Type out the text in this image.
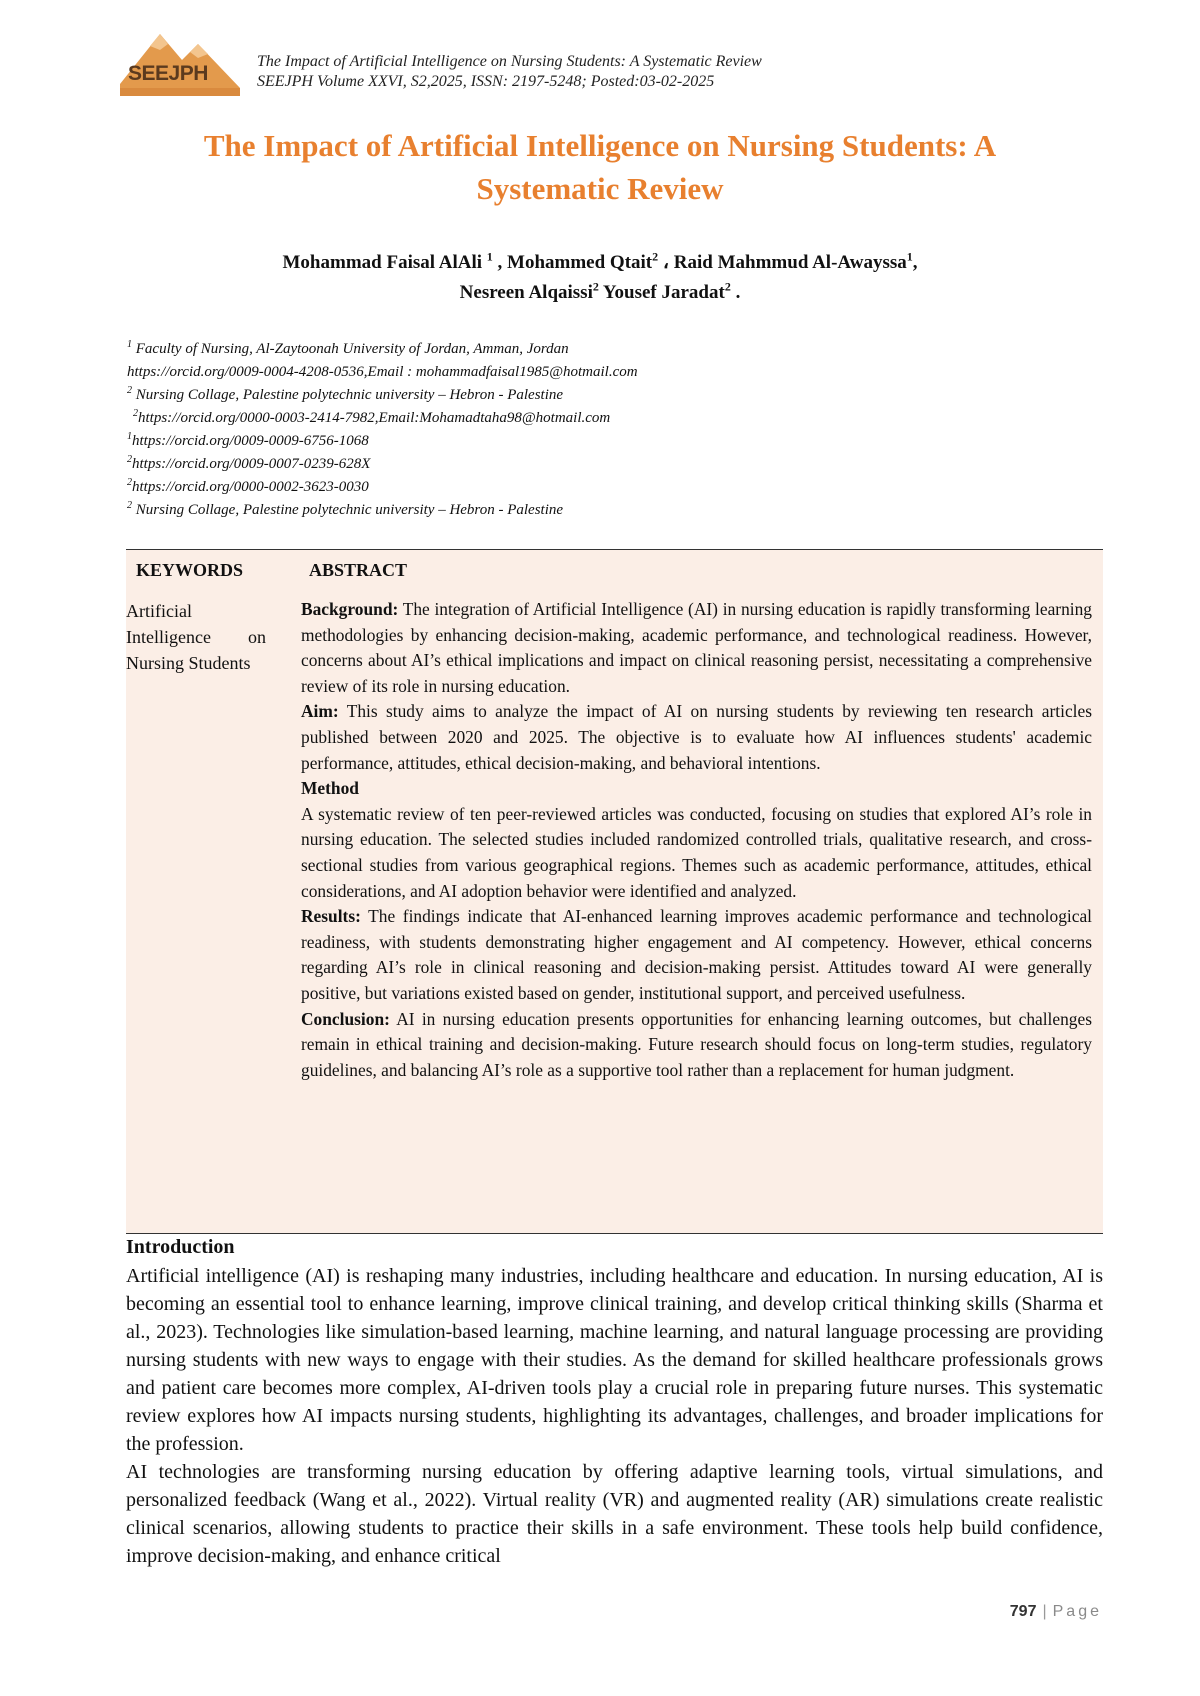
SEEJPH
The Impact of Artificial Intelligence on Nursing Students: A Systematic Review
SEEJPH Volume XXVI, S2,2025, ISSN: 2197-5248; Posted:03-02-2025
The Impact of Artificial Intelligence on Nursing Students: A
Systematic Review
Mohammad Faisal AlAli $^1$ , Mohammed Qtait$^2$ ، Raid Mahmmud Al-Awayssa$^1$,
Nesreen Alqaissi$^2$ Yousef Jaradat$^2$ .
$^1$ Faculty of Nursing, Al-Zaytoonah University of Jordan, Amman, Jordan
https://orcid.org/0009-0004-4208-0536,Email : mohammadfaisal1985@hotmail.com
$^2$ Nursing Collage, Palestine polytechnic university – Hebron - Palestine
$^2$https://orcid.org/0000-0003-2414-7982,Email:Mohamadtaha98@hotmail.com
$^1$https://orcid.org/0009-0009-6756-1068
$^2$https://orcid.org/0009-0007-0239-628X
$^2$https://orcid.org/0000-0002-3623-0030
$^2$ Nursing Collage, Palestine polytechnic university – Hebron - Palestine
KEYWORDS	ABSTRACT
Artificial Intelligence on Nursing Students

Background: The integration of Artificial Intelligence (AI) in nursing education is rapidly transforming learning methodologies by enhancing decision-making, academic performance, and technological readiness. However, concerns about AI’s ethical implications and impact on clinical reasoning persist, necessitating a comprehensive review of its role in nursing education.

Aim: This study aims to analyze the impact of AI on nursing students by reviewing ten research articles published between 2020 and 2025. The objective is to evaluate how AI influences students' academic performance, attitudes, ethical decision-making, and behavioral intentions.

Method

A systematic review of ten peer-reviewed articles was conducted, focusing on studies that explored AI’s role in nursing education. The selected studies included randomized controlled trials, qualitative research, and cross-sectional studies from various geographical regions. Themes such as academic performance, attitudes, ethical considerations, and AI adoption behavior were identified and analyzed.

Results: The findings indicate that AI-enhanced learning improves academic performance and technological readiness, with students demonstrating higher engagement and AI competency. However, ethical concerns regarding AI’s role in clinical reasoning and decision-making persist. Attitudes toward AI were generally positive, but variations existed based on gender, institutional support, and perceived usefulness.

Conclusion: AI in nursing education presents opportunities for enhancing learning outcomes, but challenges remain in ethical training and decision-making. Future research should focus on long-term studies, regulatory guidelines, and balancing AI’s role as a supportive tool rather than a replacement for human judgment.

Introduction

Artificial intelligence (AI) is reshaping many industries, including healthcare and education. In nursing education, AI is becoming an essential tool to enhance learning, improve clinical training, and develop critical thinking skills (Sharma et al., 2023). Technologies like simulation-based learning, machine learning, and natural language processing are providing nursing students with new ways to engage with their studies. As the demand for skilled healthcare professionals grows and patient care becomes more complex, AI-driven tools play a crucial role in preparing future nurses. This systematic review explores how AI impacts nursing students, highlighting its advantages, challenges, and broader implications for the profession.

AI technologies are transforming nursing education by offering adaptive learning tools, virtual simulations, and personalized feedback (Wang et al., 2022). Virtual reality (VR) and augmented reality (AR) simulations create realistic clinical scenarios, allowing students to practice their skills in a safe environment. These tools help build confidence, improve decision-making, and enhance critical

797 | Page
